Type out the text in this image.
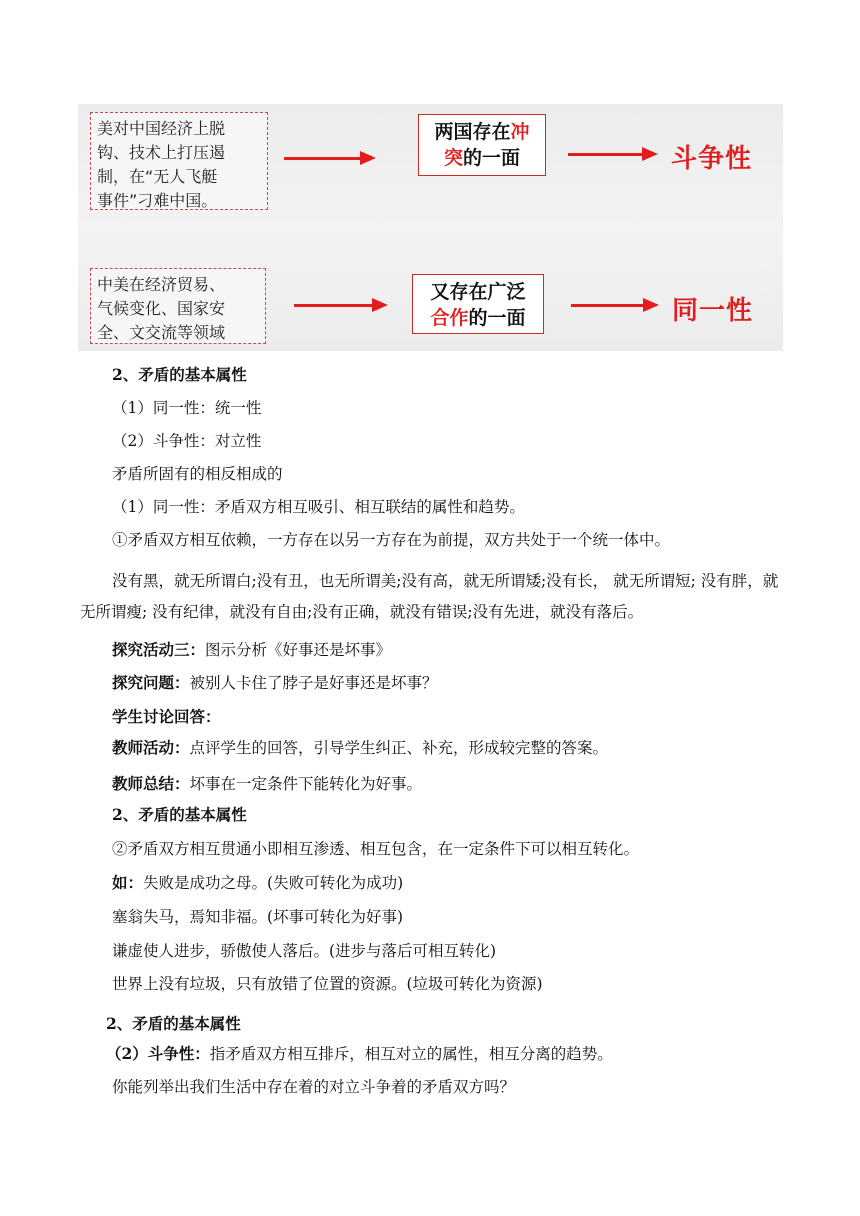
美对中国经济上脱
钩、技术上打压遏
制，在“无人飞艇
事件”刁难中国。
两国存在冲
突的一面	斗争性
中美在经济贸易、
气候变化、国家安
全、文交流等领域
又存在广泛
合作的一面	同一性
2、矛盾的基本属性
（1）同一性：统一性
（2）斗争性：对立性
矛盾所固有的相反相成的
（1）同一性：矛盾双方相互吸引、相互联结的属性和趋势。
①矛盾双方相互依赖，一方存在以另一方存在为前提，双方共处于一个统一体中。
没有黑，就无所谓白;没有丑，也无所谓美;没有高，就无所谓矮;没有长， 就无所谓短; 没有胖，就无所谓瘦; 没有纪律，就没有自由;没有正确，就没有错误;没有先进，就没有落后。
探究活动三：图示分析《好事还是坏事》
探究问题：被别人卡住了脖子是好事还是坏事？
学生讨论回答：
教师活动：点评学生的回答，引导学生纠正、补充，形成较完整的答案。
教师总结：坏事在一定条件下能转化为好事。
2、矛盾的基本属性
②矛盾双方相互贯通小即相互渗透、相互包含，在一定条件下可以相互转化。
如：失败是成功之母。(失败可转化为成功)
塞翁失马，焉知非福。(坏事可转化为好事)
谦虚使人进步，骄傲使人落后。(进步与落后可相互转化)
世界上没有垃圾，只有放错了位置的资源。(垃圾可转化为资源)
2、矛盾的基本属性
（2）斗争性：指矛盾双方相互排斥，相互对立的属性，相互分离的趋势。
你能列举出我们生活中存在着的对立斗争着的矛盾双方吗？
